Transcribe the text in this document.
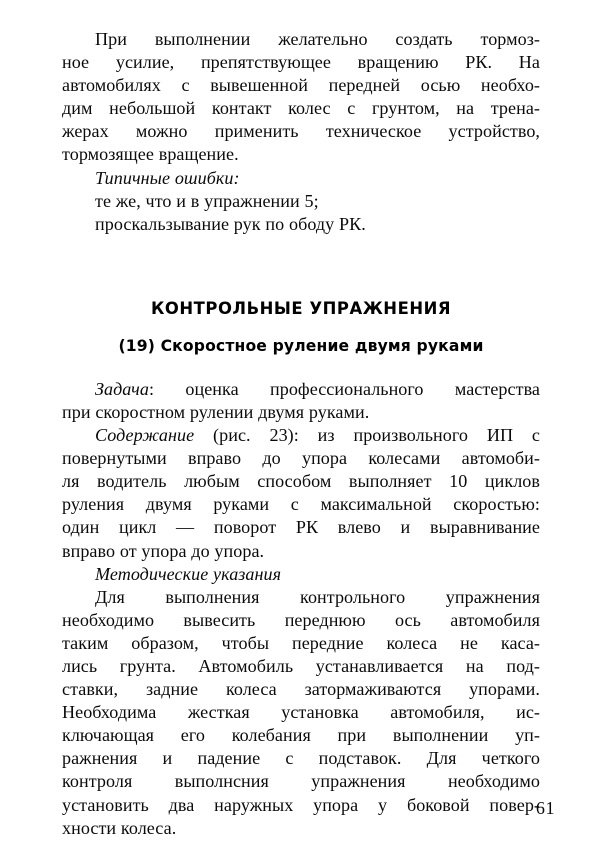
При выполнении желательно создать тормоз-
ное усилие, препятствующее вращению РК. На
автомобилях с вывешенной передней осью необхо-
дим небольшой контакт колес с грунтом, на трена-
жерах можно применить техническое устройство,
тормозящее вращение.

Типичные ошибки:
те же, что и в упражнении 5;
проскальзывание рук по ободу РК.

КОНТРОЛЬНЫЕ УПРАЖНЕНИЯ
(19) Скоростное руление двумя руками

Задача: оценка профессионального мастерства
при скоростном рулении двумя руками.

Содержание (рис. 23): из произвольного ИП с
повернутыми вправо до упора колесами автомоби-
ля водитель любым способом выполняет 10 циклов
руления двумя руками с максимальной скоростью:
один цикл — поворот РК влево и выравнивание
вправо от упора до упора.

Методические указания
Для выполнения контрольного упражнения
необходимо вывесить переднюю ось автомобиля
таким образом, чтобы передние колеса не каса-
лись грунта. Автомобиль устанавливается на под-
ставки, задние колеса затормаживаются упорами.
Необходима жесткая установка автомобиля, ис-
ключающая его колебания при выполнении уп-
ражнения и падение с подставок. Для четкого
контроля выполнсния упражнения необходимо
установить два наружных упора у боковой повер-
хности колеса.

61
